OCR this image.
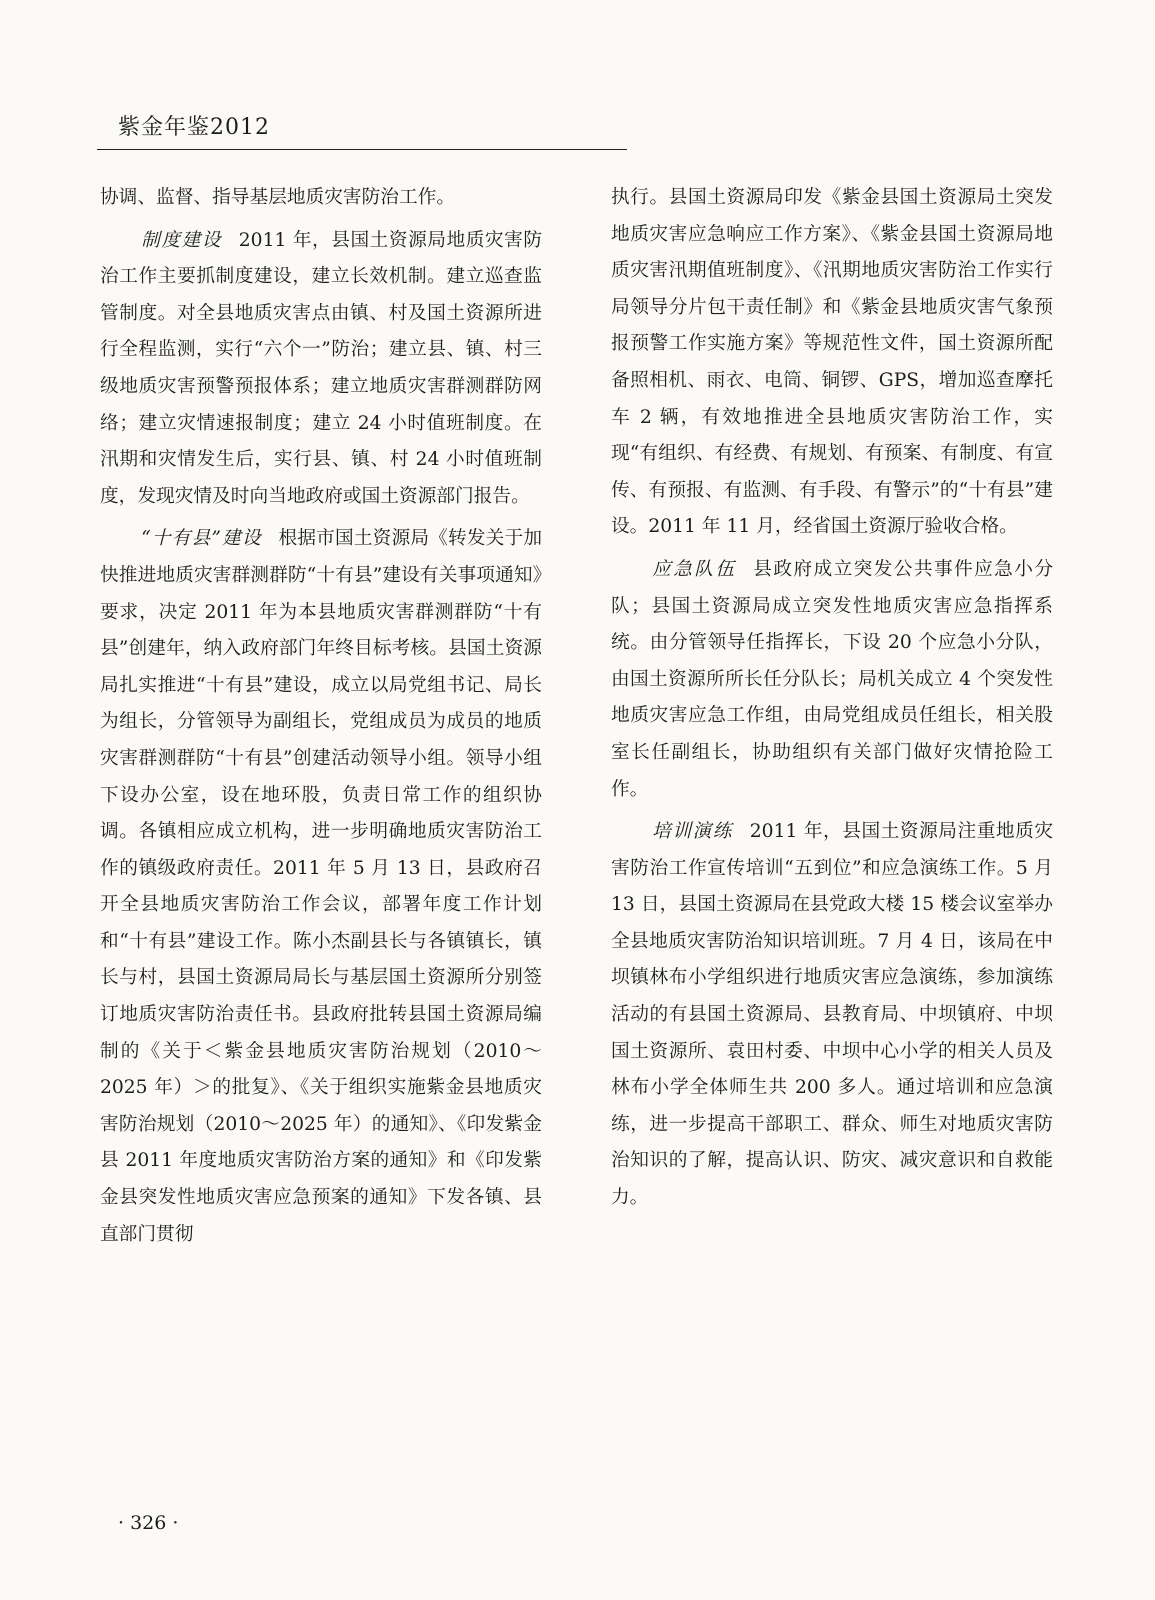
紫金年鉴2012

协调、监督、指导基层地质灾害防治工作。

制度建设 2011 年，县国土资源局地质灾害防治工作主要抓制度建设，建立长效机制。建立巡查监管制度。对全县地质灾害点由镇、村及国土资源所进行全程监测，实行“六个一”防治；建立县、镇、村三级地质灾害预警预报体系；建立地质灾害群测群防网络；建立灾情速报制度；建立 24 小时值班制度。在汛期和灾情发生后，实行县、镇、村 24 小时值班制度，发现灾情及时向当地政府或国土资源部门报告。

“十有县”建设 根据市国土资源局《转发关于加快推进地质灾害群测群防“十有县”建设有关事项通知》要求，决定 2011 年为本县地质灾害群测群防“十有县”创建年，纳入政府部门年终目标考核。县国土资源局扎实推进“十有县”建设，成立以局党组书记、局长为组长，分管领导为副组长，党组成员为成员的地质灾害群测群防“十有县”创建活动领导小组。领导小组下设办公室，设在地环股，负责日常工作的组织协调。各镇相应成立机构，进一步明确地质灾害防治工作的镇级政府责任。2011 年 5 月 13 日，县政府召开全县地质灾害防治工作会议，部署年度工作计划和“十有县”建设工作。陈小杰副县长与各镇镇长，镇长与村，县国土资源局局长与基层国土资源所分别签订地质灾害防治责任书。县政府批转县国土资源局编制的《关于＜紫金县地质灾害防治规划（2010～2025 年）＞的批复》、《关于组织实施紫金县地质灾害防治规划（2010～2025 年）的通知》、《印发紫金县 2011 年度地质灾害防治方案的通知》和《印发紫金县突发性地质灾害应急预案的通知》下发各镇、县直部门贯彻

执行。县国土资源局印发《紫金县国土资源局土突发地质灾害应急响应工作方案》、《紫金县国土资源局地质灾害汛期值班制度》、《汛期地质灾害防治工作实行局领导分片包干责任制》和《紫金县地质灾害气象预报预警工作实施方案》等规范性文件，国土资源所配备照相机、雨衣、电筒、铜锣、GPS，增加巡查摩托车 2 辆，有效地推进全县地质灾害防治工作，实现“有组织、有经费、有规划、有预案、有制度、有宣传、有预报、有监测、有手段、有警示”的“十有县”建设。2011 年 11 月，经省国土资源厅验收合格。

应急队伍 县政府成立突发公共事件应急小分队；县国土资源局成立突发性地质灾害应急指挥系统。由分管领导任指挥长，下设 20 个应急小分队，由国土资源所所长任分队长；局机关成立 4 个突发性地质灾害应急工作组，由局党组成员任组长，相关股室长任副组长，协助组织有关部门做好灾情抢险工作。

培训演练 2011 年，县国土资源局注重地质灾害防治工作宣传培训“五到位”和应急演练工作。5 月 13 日，县国土资源局在县党政大楼 15 楼会议室举办全县地质灾害防治知识培训班。7 月 4 日，该局在中坝镇林布小学组织进行地质灾害应急演练，参加演练活动的有县国土资源局、县教育局、中坝镇府、中坝国土资源所、袁田村委、中坝中心小学的相关人员及林布小学全体师生共 200 多人。通过培训和应急演练，进一步提高干部职工、群众、师生对地质灾害防治知识的了解，提高认识、防灾、减灾意识和自救能力。

· 326 ·
